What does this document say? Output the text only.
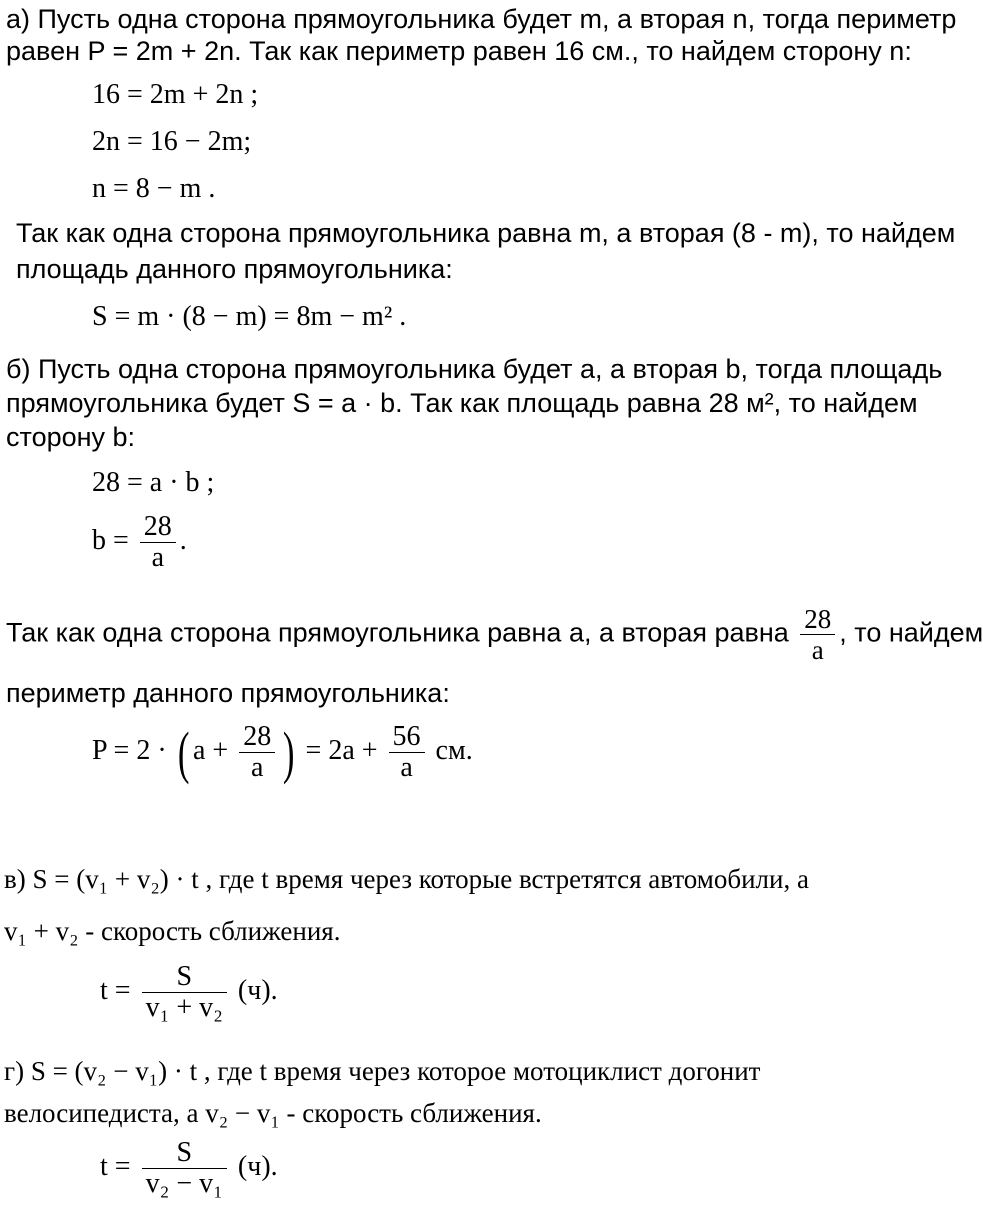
а) Пусть одна сторона прямоугольника будет m, а вторая n, тогда периметр
равен P = 2m + 2n. Так как периметр равен 16 см., то найдем сторону n:
16 = 2m + 2n ;
2n = 16 − 2m;
n = 8 − m .
Так как одна сторона прямоугольника равна m, а вторая (8 - m), то найдем
площадь данного прямоугольника:
S = m · (8 − m) = 8m − m² .
б) Пусть одна сторона прямоугольника будет a, а вторая b, тогда площадь
прямоугольника будет S = a · b. Так как площадь равна 28 м², то найдем
сторону b:
28 = a · b ;
$b = \frac{28}{a}$ .
Так как одна сторона прямоугольника равна a, а вторая равна $\frac{28}{a}$ , то найдем
периметр данного прямоугольника:
P = 2 · ( $a + \frac{28}{a}$ ) = $2a + \frac{56}{a}$ см.
в) S = (v₁ + v₂) · t , где t время через которые встретятся автомобили, а
v₁ + v₂ - скорость сближения.
$t = \frac{S}{\text{v₁ + v₂}} (ч)$.
г) S = (v₂ − v₁) · t , где t время через которое мотоциклист догонит
велосипедиста, а v₂ − v₁ - скорость сближения.
$t = \frac{S}{\text{v₂ − v₁}} (ч)$.
